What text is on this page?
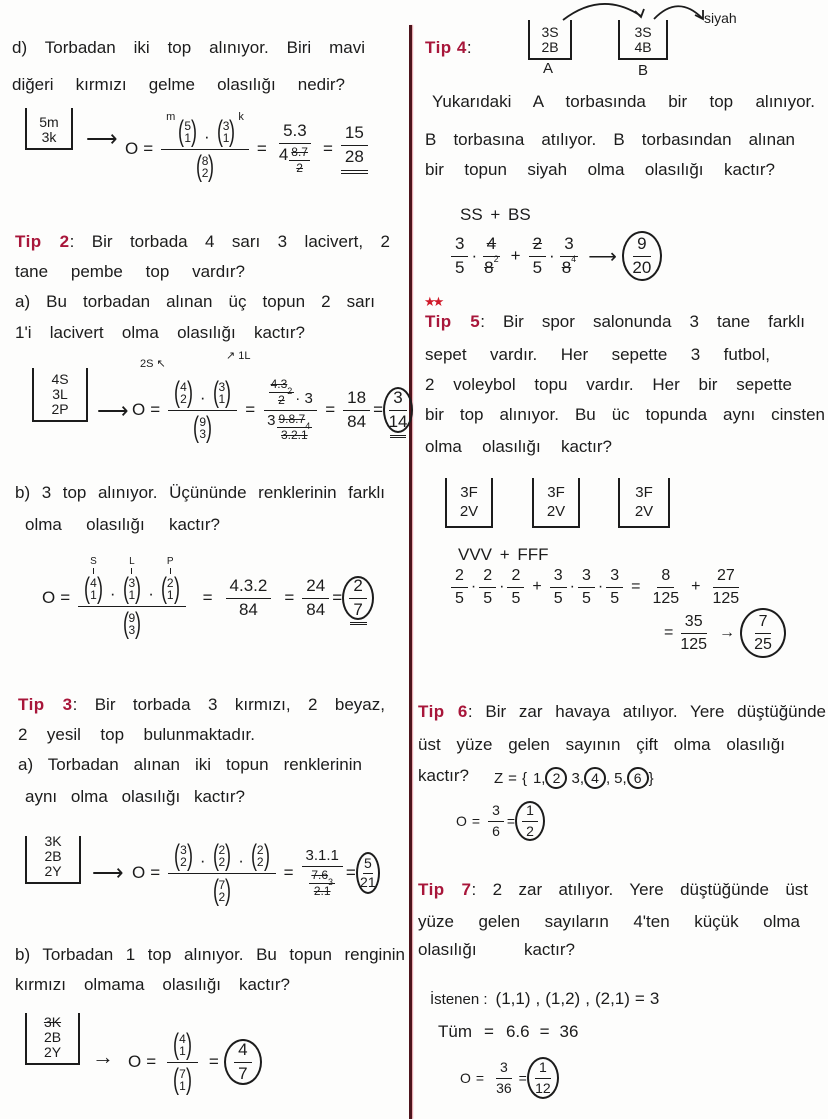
d) Torbadan iki top alınıyor. Biri mavi
diğeri kırmızı gelme olasılığı nedir?
5m
3k ⟶ O = m
( 5
1
) ·
( 3
1
)
k
( 8
2
) = $\frac{5.3}{4 \frac{8.7}{2}} = \frac{15}{28}$
Tip 2: Bir torbada 4 sarı 3 lacivert, 2
tane pembe top vardır?
a) Bu torbadan alınan üç topun 2 sarı
1'i lacivert olma olasılığı kactır?
2S ↖
↗ 1L
4S
3L
2P ⟶ O = ( 4
2
) ·
( 3
1
)
( 9
3
) = 4.3
2
2 · 3
3 9.8.7
4
$3.2.1 = \frac{18}{84} = \frac{3}{14}$
b) 3 top alınıyor. Üçününde renklerinin farklı
olma olasılığı kactır?
O = S
( 4
1
) ·
L
( 3
1
) ·
P
( 2
1
)
( 9
3
) = $\frac{4.3.2}{84} = \frac{24}{84} = \frac{2}{7}$
Tip 3: Bir torbada 3 kırmızı, 2 beyaz,
2 yesil top bulunmaktadır.
a) Torbadan alınan iki topun renklerinin
aynı olma olasılığı kactır?
3K
2B
2Y ⟶ O = ( 3
2
) ·
( 2
2
) ·
( 2
2
)
( 7
2
) = 3.1.1
7.6
3
$2.1 = \frac{5}{21}$
b) Torbadan 1 top alınıyor. Bu topun renginin
kırmızı olmama olasılığı kactır?
3K
2B
2Y → O = ( 4
1
)
( 7
1
) = $\frac{4}{7}$
Tip 4:
siyah
3S
2B
A
3S
4B
B
Yukarıdaki A torbasında bir top alınıyor.
B torbasına atılıyor. B torbasından alınan
bir topun siyah olma olasılığı kactır?
SS + BS
$\frac{3}{5} \cdot \frac{4}{8 2} + \frac{2}{5} \cdot \frac{3}{8 4}$ ⟶ $\frac{9}{20}$
★★
Tip 5: Bir spor salonunda 3 tane farklı
sepet vardır. Her sepette 3 futbol,
2 voleybol topu vardır. Her bir sepette
bir top alınıyor. Bu üc topunda aynı cinsten
olma olasılığı kactır?
3F
2V
3F
2V
3F
2V
VVV + FFF
$\frac{2}{5} \cdot \frac{2}{5} \cdot \frac{2}{5} + \frac{3}{5} \cdot \frac{3}{5} \cdot \frac{3}{5} = \frac{8}{125} + \frac{27}{125}$
= $\frac{35}{125} \to \frac{7}{25}$
Tip 6: Bir zar havaya atılıyor. Yere düştüğünde
üst yüze gelen sayının çift olma olasılığı
kactır?	Z = { 1 , 2 3 , 4 , 5 , 6 }
$O = \frac{3}{6} = \frac{1}{2}$
Tip 7: 2 zar atılıyor. Yere düştüğünde üst
yüze gelen sayıların 4'ten küçük olma
olasılığı kactır?
İstenen : (1,1) , (1,2) , (2,1) = 3
Tüm = 6.6 = 36
$O = \frac{3}{36} = \frac{1}{12}$
